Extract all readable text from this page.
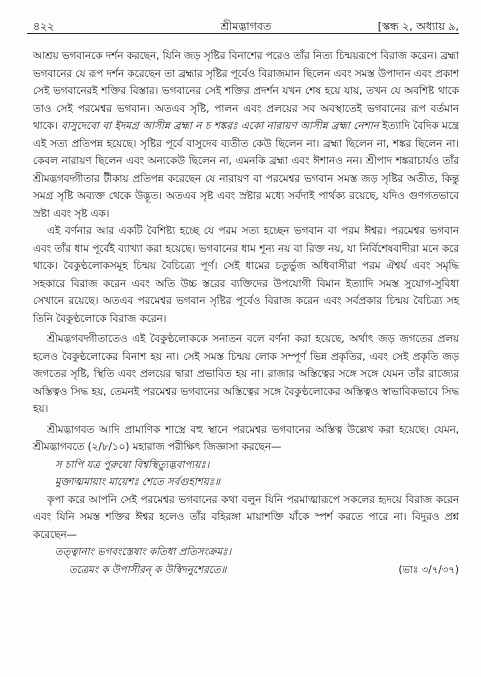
৪২২	শ্রীমদ্ভাগবত	[স্কন্ধ ২, অধ্যায় ৯,

আশ্রয় ভগবানকে দর্শন করছেন, যিনি জড় সৃষ্টির বিনাশের পরেও তাঁর নিত্য চিন্ময়রূপে বিরাজ করেন। ব্রহ্মা ভগবানের যে রূপ দর্শন করেছেন তা ব্রহ্মার সৃষ্টির পূর্বেও বিরাজমান ছিলেন এবং সমস্ত উপাদান এবং প্রকাশ সেই ভগবানেরই শক্তির বিস্তার। ভগবানের সেই শক্তির প্রদর্শন যখন শেষ হয়ে যায়, তখন যে অবশিষ্ট থাকে তাও সেই পরমেশ্বর ভগবান। অতএব সৃষ্টি, পালন এবং প্রলয়ের সব অবস্থাতেই ভগবানের রূপ বর্তমান থাকে। বাসুদেবো বা ইদমগ্র আসীন্ন ব্রহ্মা ন চ শঙ্করঃ একো নারায়ণ আসীন্ন ব্রহ্মা নেশান ইত্যাদি বৈদিক মন্ত্রে এই সত্য প্রতিপন্ন হয়েছে। সৃষ্টির পূর্বে বাসুদেব ব্যতীত কেউ ছিলেন না। ব্রহ্মা ছিলেন না, শঙ্কর ছিলেন না। কেবল নারায়ণ ছিলেন এবং অন্যকেউ ছিলেন না, এমনকি ব্রহ্মা এবং ঈশানও নন। শ্রীপাদ শঙ্করাচার্যও তাঁর শ্রীমদ্ভগবদ্গীতার টীকায় প্রতিপন্ন করেছেন যে নারায়ণ বা পরমেশ্বর ভগবান সমস্ত জড় সৃষ্টির অতীত, কিন্তু সমগ্র সৃষ্টি অব্যক্ত থেকে উদ্ভূত। অতএব সৃষ্ট এবং স্রষ্টার মধ্যে সর্বদাই পার্থক্য রয়েছে, যদিও গুণগতভাবে স্রষ্টা এবং সৃষ্ট এক।

এই বর্ণনার আর একটি বৈশিষ্ট্য হচ্ছে যে পরম সত্য হচ্ছেন ভগবান বা পরম ঈশ্বর। পরমেশ্বর ভগবান এবং তাঁর ধাম পূর্বেই ব্যাখ্যা করা হয়েছে। ভগবানের ধাম শূন্য নয় বা রিক্ত নয়, যা নির্বিশেষবাদীরা মনে করে থাকে। বৈকুণ্ঠলোকসমূহ চিন্ময় বৈচিত্র্যে পূর্ণ। সেই ধামের চতুর্ভুজ অধিবাসীরা পরম ঐশ্বর্য এবং সমৃদ্ধি সহকারে বিরাজ করেন এবং অতি উচ্চ স্তরের ব্যক্তিদের উপযোগী বিমান ইত্যাদি সমস্ত সুযোগ-সুবিধা সেখানে রয়েছে। অতএব পরমেশ্বর ভগবান সৃষ্টির পূর্বেও বিরাজ করেন এবং সর্বপ্রকার চিন্ময় বৈচিত্র্য সহ তিনি বৈকুণ্ঠলোকে বিরাজ করেন।

শ্রীমদ্ভগবদ্গীতাতেও এই বৈকুণ্ঠলোককে সনাতন বলে বর্ণনা করা হয়েছে, অর্থাৎ জড় জগতের প্রলয় হলেও বৈকুণ্ঠলোকের বিনাশ হয় না। সেই সমস্ত চিন্ময় লোক সম্পূর্ণ ভিন্ন প্রকৃতির, এবং সেই প্রকৃতি জড় জগতের সৃষ্টি, স্থিতি এবং প্রলয়ের দ্বারা প্রভাবিত হয় না। রাজার অস্তিত্বের সঙ্গে সঙ্গে যেমন তাঁর রাজ্যের অস্তিত্বও সিদ্ধ হয়, তেমনই পরমেশ্বর ভগবানের অস্তিত্বের সঙ্গে বৈকুণ্ঠলোকের অস্তিত্বও স্বাভাবিকভাবে সিদ্ধ হয়।

শ্রীমদ্ভাগবত আদি প্রামাণিক শাস্ত্রে বহু স্থানে পরমেশ্বর ভগবানের অস্তিত্ব উল্লেখ করা হয়েছে। যেমন, শ্রীমদ্ভাগবতে (২/৮/১০) মহারাজ পরীক্ষিৎ জিজ্ঞাসা করছেন—

স চাপি যত্র পুরুষো বিশ্বস্থিত্যুদ্ভবাপ্যয়ঃ।
মুক্তাত্মমায়াং মায়েশঃ শেতে সর্বগুহাশয়ঃ॥

কৃপা করে আপনি সেই পরমেশ্বর ভগবানের কথা বলুন যিনি পরমাত্মারূপে সকলের হৃদয়ে বিরাজ করেন এবং যিনি সমস্ত শক্তির ঈশ্বর হলেও তাঁর বহিরঙ্গা মায়াশক্তি যাঁকে স্পর্শ করতে পারে না। বিদুরও প্রশ্ন করেছেন—

তত্ত্বানাং ভগবংস্তেষাং কতিধা প্রতিসংক্রমঃ।
তত্রেমং ক উপাসীরন্ ক উস্বিদনুশেরতে॥	(ভাঃ ৩/৭/৩৭)
